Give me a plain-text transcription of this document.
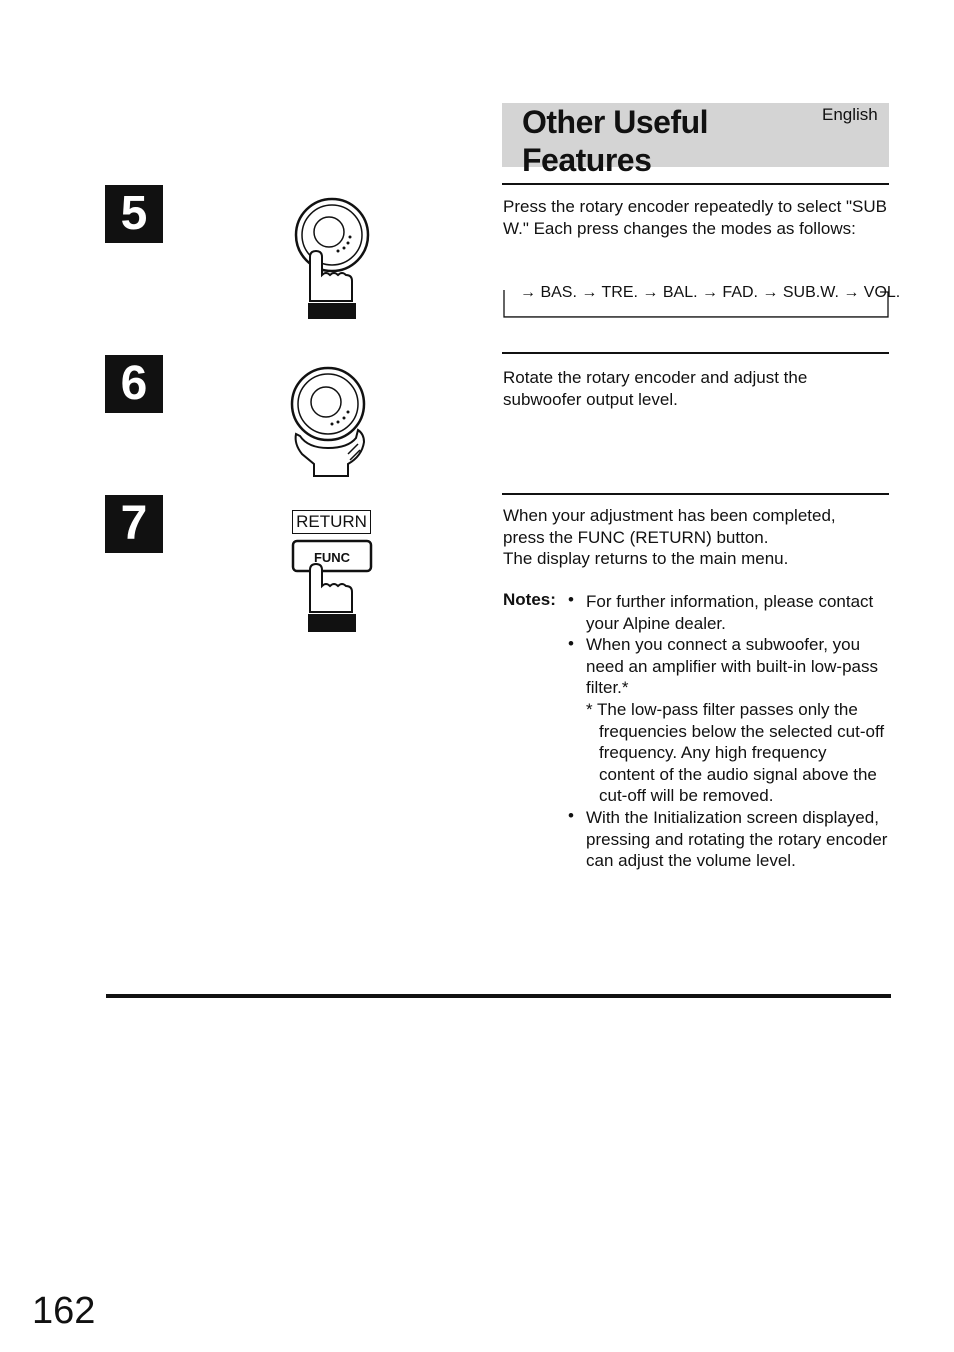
Other Useful
Features
English
5	Press the rotary encoder repeatedly to select "SUB W." Each press changes the modes as follows:
→ BAS. → TRE. → BAL. → FAD. → SUB.W. → VOL.
6	Rotate the rotary encoder and adjust the subwoofer output level.
7	RETURN
FUNC
When your adjustment has been completed,
press the FUNC (RETURN) button.
The display returns to the main menu.
Notes: • For further information, please contact your Alpine dealer.
• When you connect a subwoofer, you need an amplifier with built-in low-pass filter.*
* The low-pass filter passes only the frequencies below the selected cut-off frequency. Any high frequency content of the audio signal above the cut-off will be removed.
• With the Initialization screen displayed, pressing and rotating the rotary encoder can adjust the volume level.
162
